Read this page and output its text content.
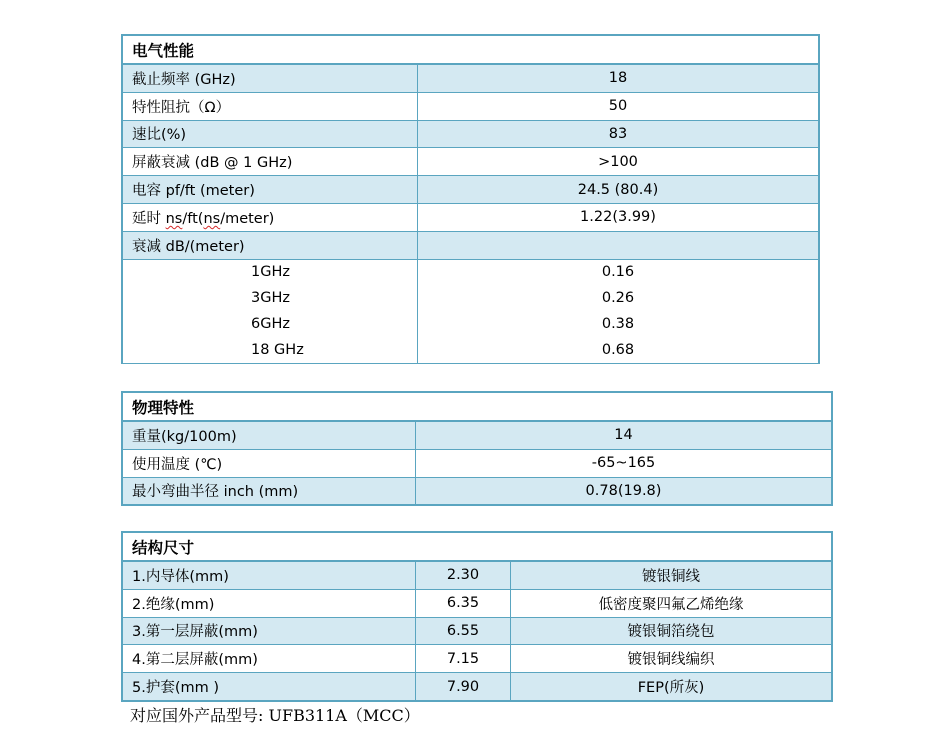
电气性能	
截止频率 (GHz)	18
特性阻抗（Ω）	50
速比(%)	83
屏蔽衰减 (dB @ 1 GHz)	>100
电容 pf/ft (meter)	24.5 (80.4)
延时 ns/ft(ns/meter)	1.22(3.99)
衰减 dB/(meter)	
1GHz	0.16
3GHz	0.26
6GHz	0.38
18 GHz	0.68
物理特性	
重量(kg/100m)	14
使用温度 (℃)	-65~165
最小弯曲半径 inch (mm)	0.78(19.8)
结构尺寸		
1.内导体(mm)	2.30	镀银铜线
2.绝缘(mm)	6.35	低密度聚四氟乙烯绝缘
3.第一层屏蔽(mm)	6.55	镀银铜箔绕包
4.第二层屏蔽(mm)	7.15	镀银铜线编织
5.护套(mm )	7.90	FEP(所灰)
对应国外产品型号: UFB311A（MCC）
